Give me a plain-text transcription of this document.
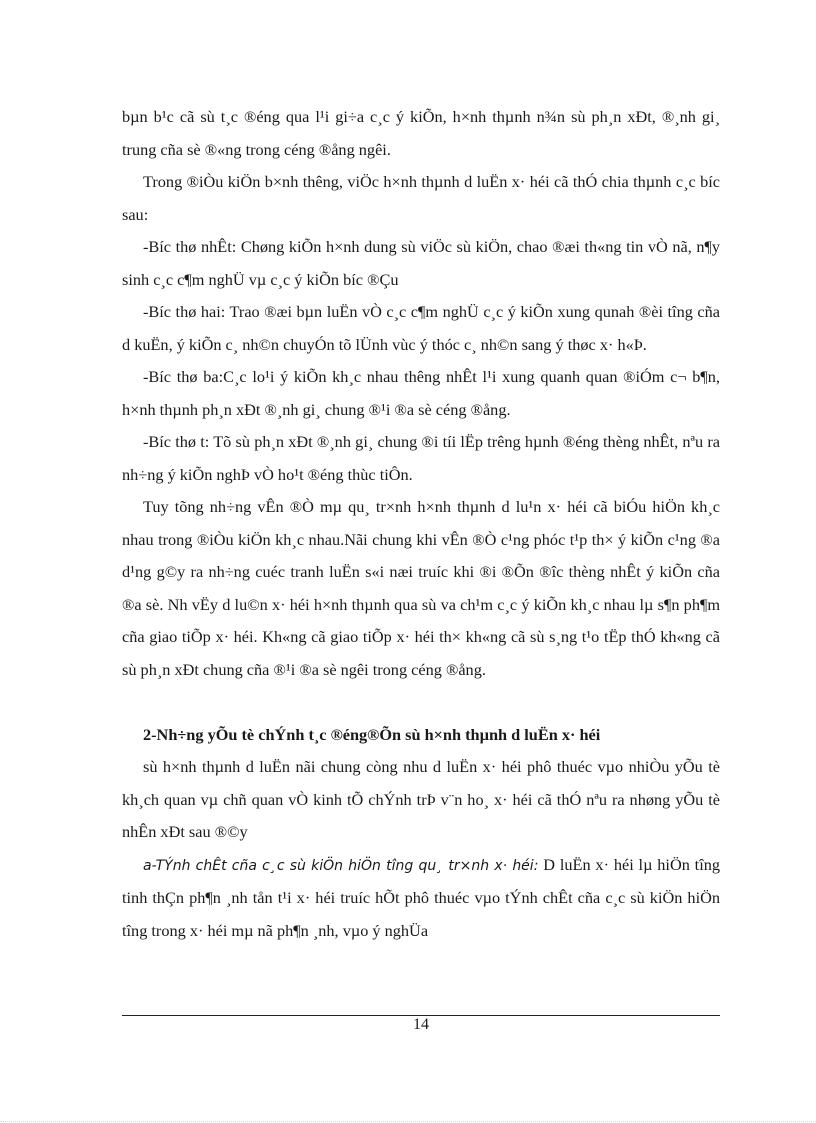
bµn b¹c cã sù t¸c ®éng qua l¹i gi÷a c¸c ý kiÕn, h×nh thµnh n¾n sù ph¸n xÐt, ®¸nh gi¸ trung cña sè ®«ng trong céng ®ång ngêi.

Trong ®iÒu kiÖn b×nh thêng, viÖc h×nh thµnh d luËn x· héi cã thÓ chia thµnh c¸c bíc sau:

-Bíc thø nhÊt: Chøng kiÕn h×nh dung sù viÖc sù kiÖn, chao ®æi th«ng tin vÒ nã, n¶y sinh c¸c c¶m nghÜ vµ c¸c ý kiÕn bíc ®Çu

-Bíc thø hai: Trao ®æi bµn luËn vÒ c¸c c¶m nghÜ c¸c ý kiÕn xung qunah ®èi tîng cña d kuËn, ý kiÕn c¸ nh©n chuyÓn tõ lÜnh vùc ý thóc c¸ nh©n sang ý thøc x· h«Þ.

-Bíc thø ba:C¸c lo¹i ý kiÕn kh¸c nhau thêng nhÊt l¹i xung quanh quan ®iÓm c¬ b¶n, h×nh thµnh ph¸n xÐt ®¸nh gi¸ chung ®¹i ®a sè céng ®ång.

-Bíc thø t: Tõ sù ph¸n xÐt ®¸nh gi¸ chung ®i tíi lËp trêng hµnh ®éng thèng nhÊt, nªu ra nh÷ng ý kiÕn nghÞ vÒ ho¹t ®éng thùc tiÔn.

Tuy tõng nh÷ng vÊn ®Ò mµ qu¸ tr×nh h×nh thµnh d lu¹n x· héi cã biÓu hiÖn kh¸c nhau trong ®iÒu kiÖn kh¸c nhau.Nãi chung khi vÊn ®Ò c¹ng phóc t¹p th× ý kiÕn c¹ng ®a d¹ng g©y ra nh÷ng cuéc tranh luËn s«i næi truíc khi ®i ®Õn ®îc thèng nhÊt ý kiÕn cña ®a sè. Nh vËy d lu©n x· héi h×nh thµnh qua sù va ch¹m c¸c ý kiÕn kh¸c nhau lµ s¶n ph¶m cña giao tiÕp x· héi. Kh«ng cã giao tiÕp x· héi th× kh«ng cã sù s¸ng t¹o tËp thÓ kh«ng cã sù ph¸n xÐt chung cña ®¹i ®a sè ngêi trong céng ®ång.

2-Nh÷ng yÕu tè chÝnh t¸c ®éng®Õn sù h×nh thµnh d luËn x· héi

sù h×nh thµnh d luËn nãi chung còng nhu d luËn x· héi phô thuéc vµo nhiÒu yÕu tè kh¸ch quan vµ chñ quan vÒ kinh tÕ chÝnh trÞ v¨n ho¸ x· héi cã thÓ nªu ra nhøng yÕu tè nhÊn xÐt sau ®©y

a-TÝnh chÊt cña c¸c sù kiÖn hiÖn tîng qu¸ tr×nh x· héi: D luËn x· héi lµ hiÖn tîng tinh thÇn ph¶n ¸nh tån t¹i x· héi truíc hÕt phô thuéc vµo tÝnh chÊt cña c¸c sù kiÖn hiÖn tîng trong x· héi mµ nã ph¶n ¸nh, vµo ý nghÜa

14
